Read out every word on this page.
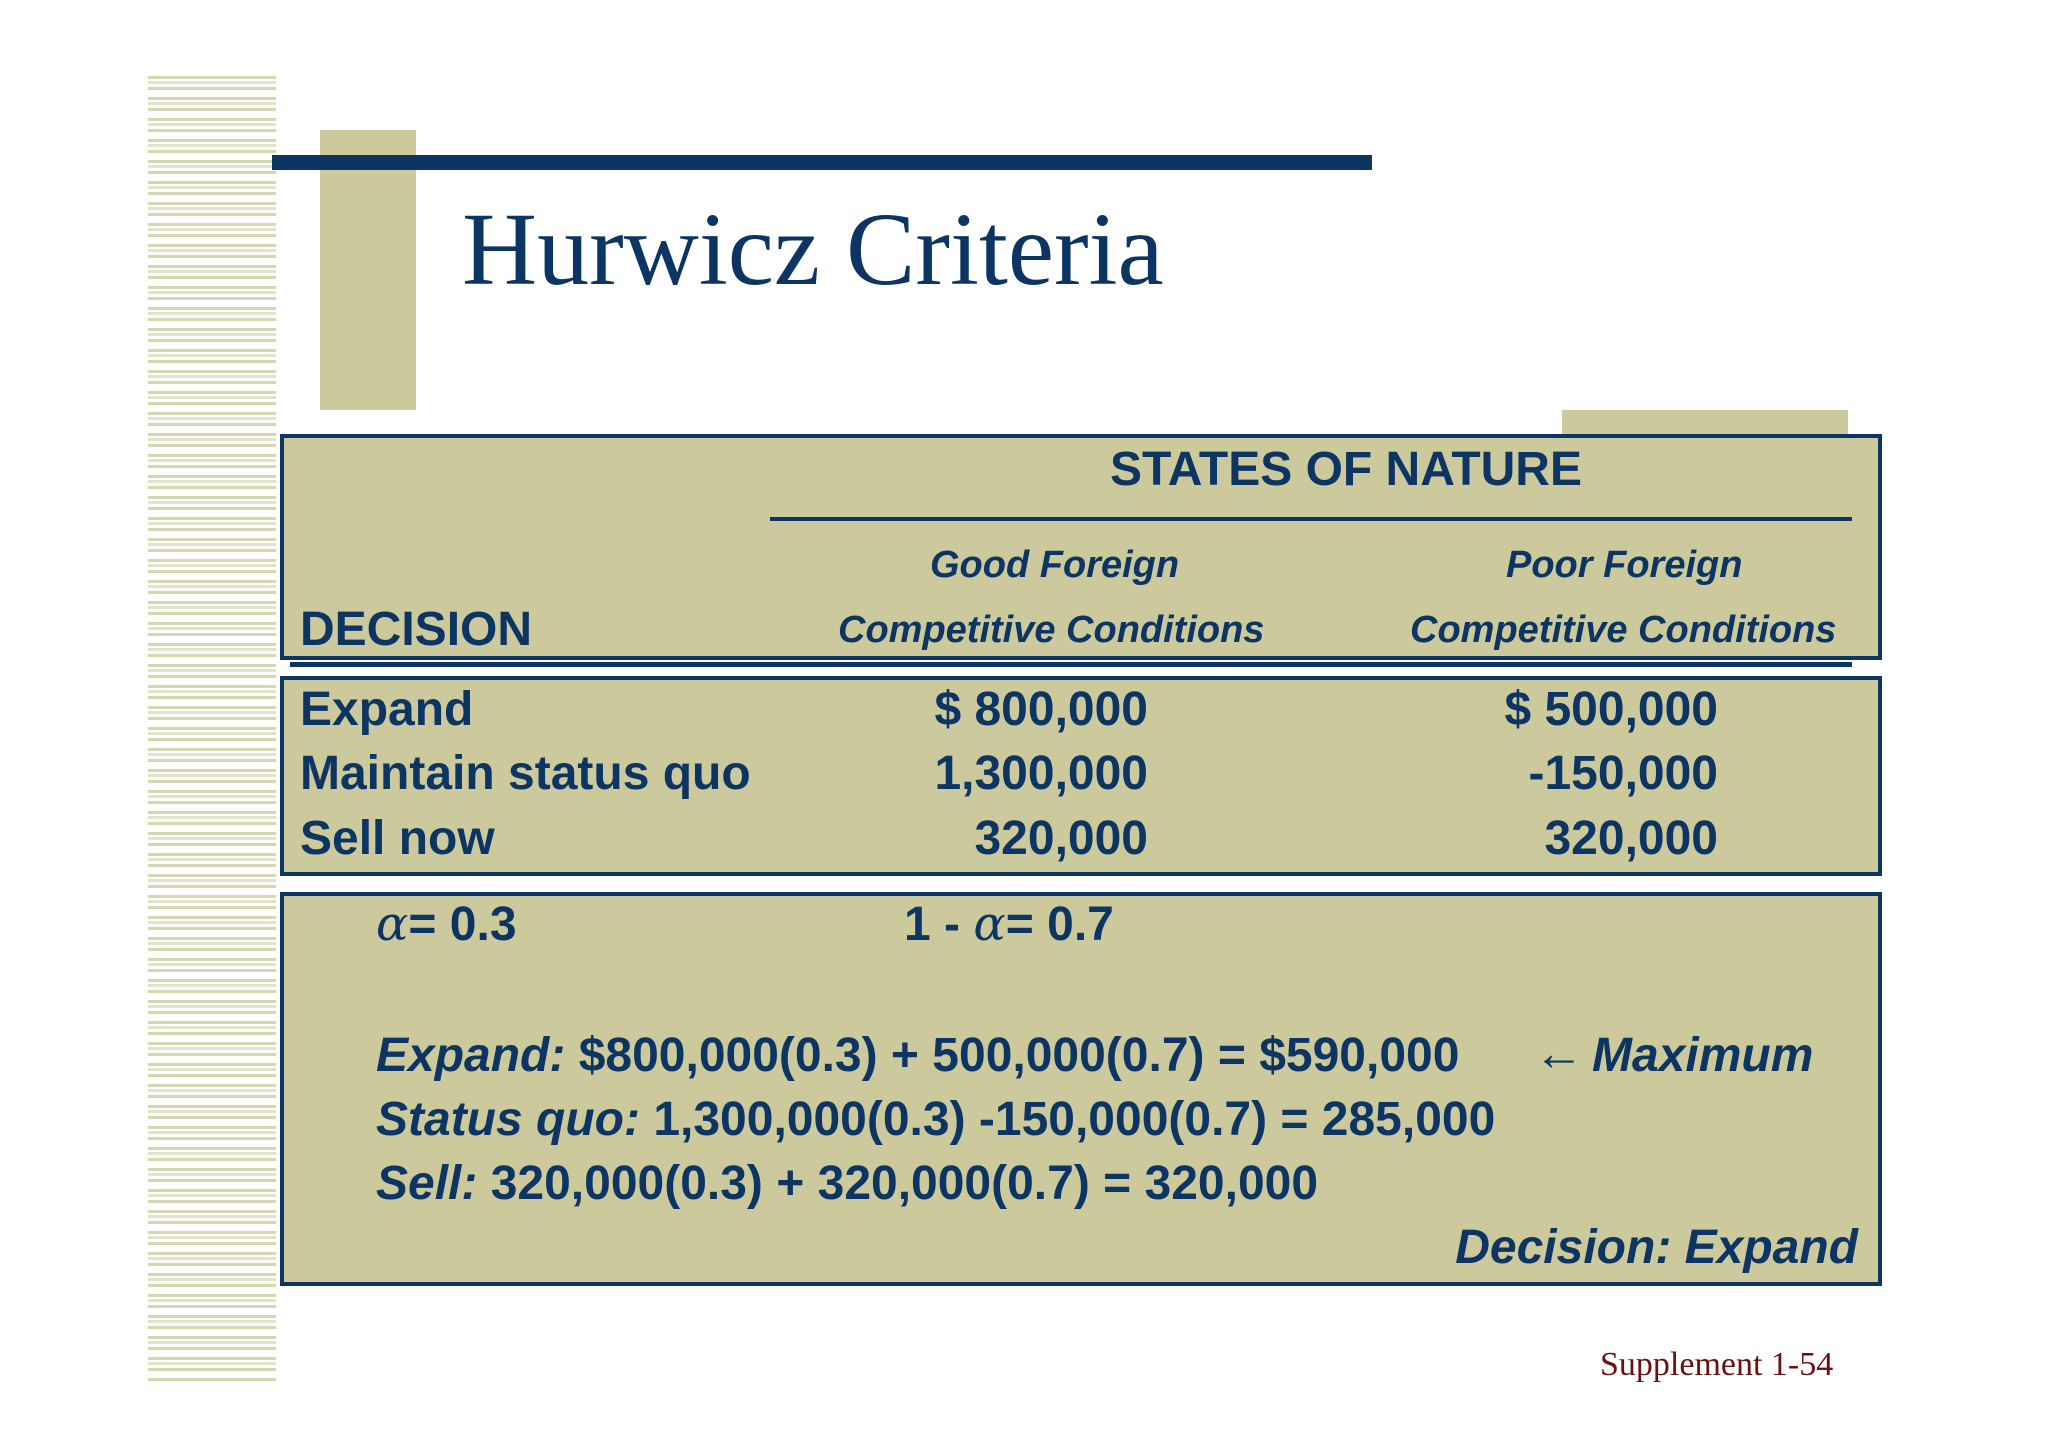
Hurwicz Criteria
STATES OF NATURE
Good Foreign
Competitive Conditions
Poor Foreign
Competitive Conditions
DECISION
Expand	$ 800,000	$ 500,000
Maintain status quo	1,300,000	-150,000
Sell now	320,000	320,000
α= 0.3	1 - α= 0.7
Expand: $800,000(0.3) + 500,000(0.7) = $590,000 ← Maximum
Status quo: 1,300,000(0.3) -150,000(0.7) = 285,000
Sell: 320,000(0.3) + 320,000(0.7) = 320,000
Decision: Expand
Supplement 1-54
